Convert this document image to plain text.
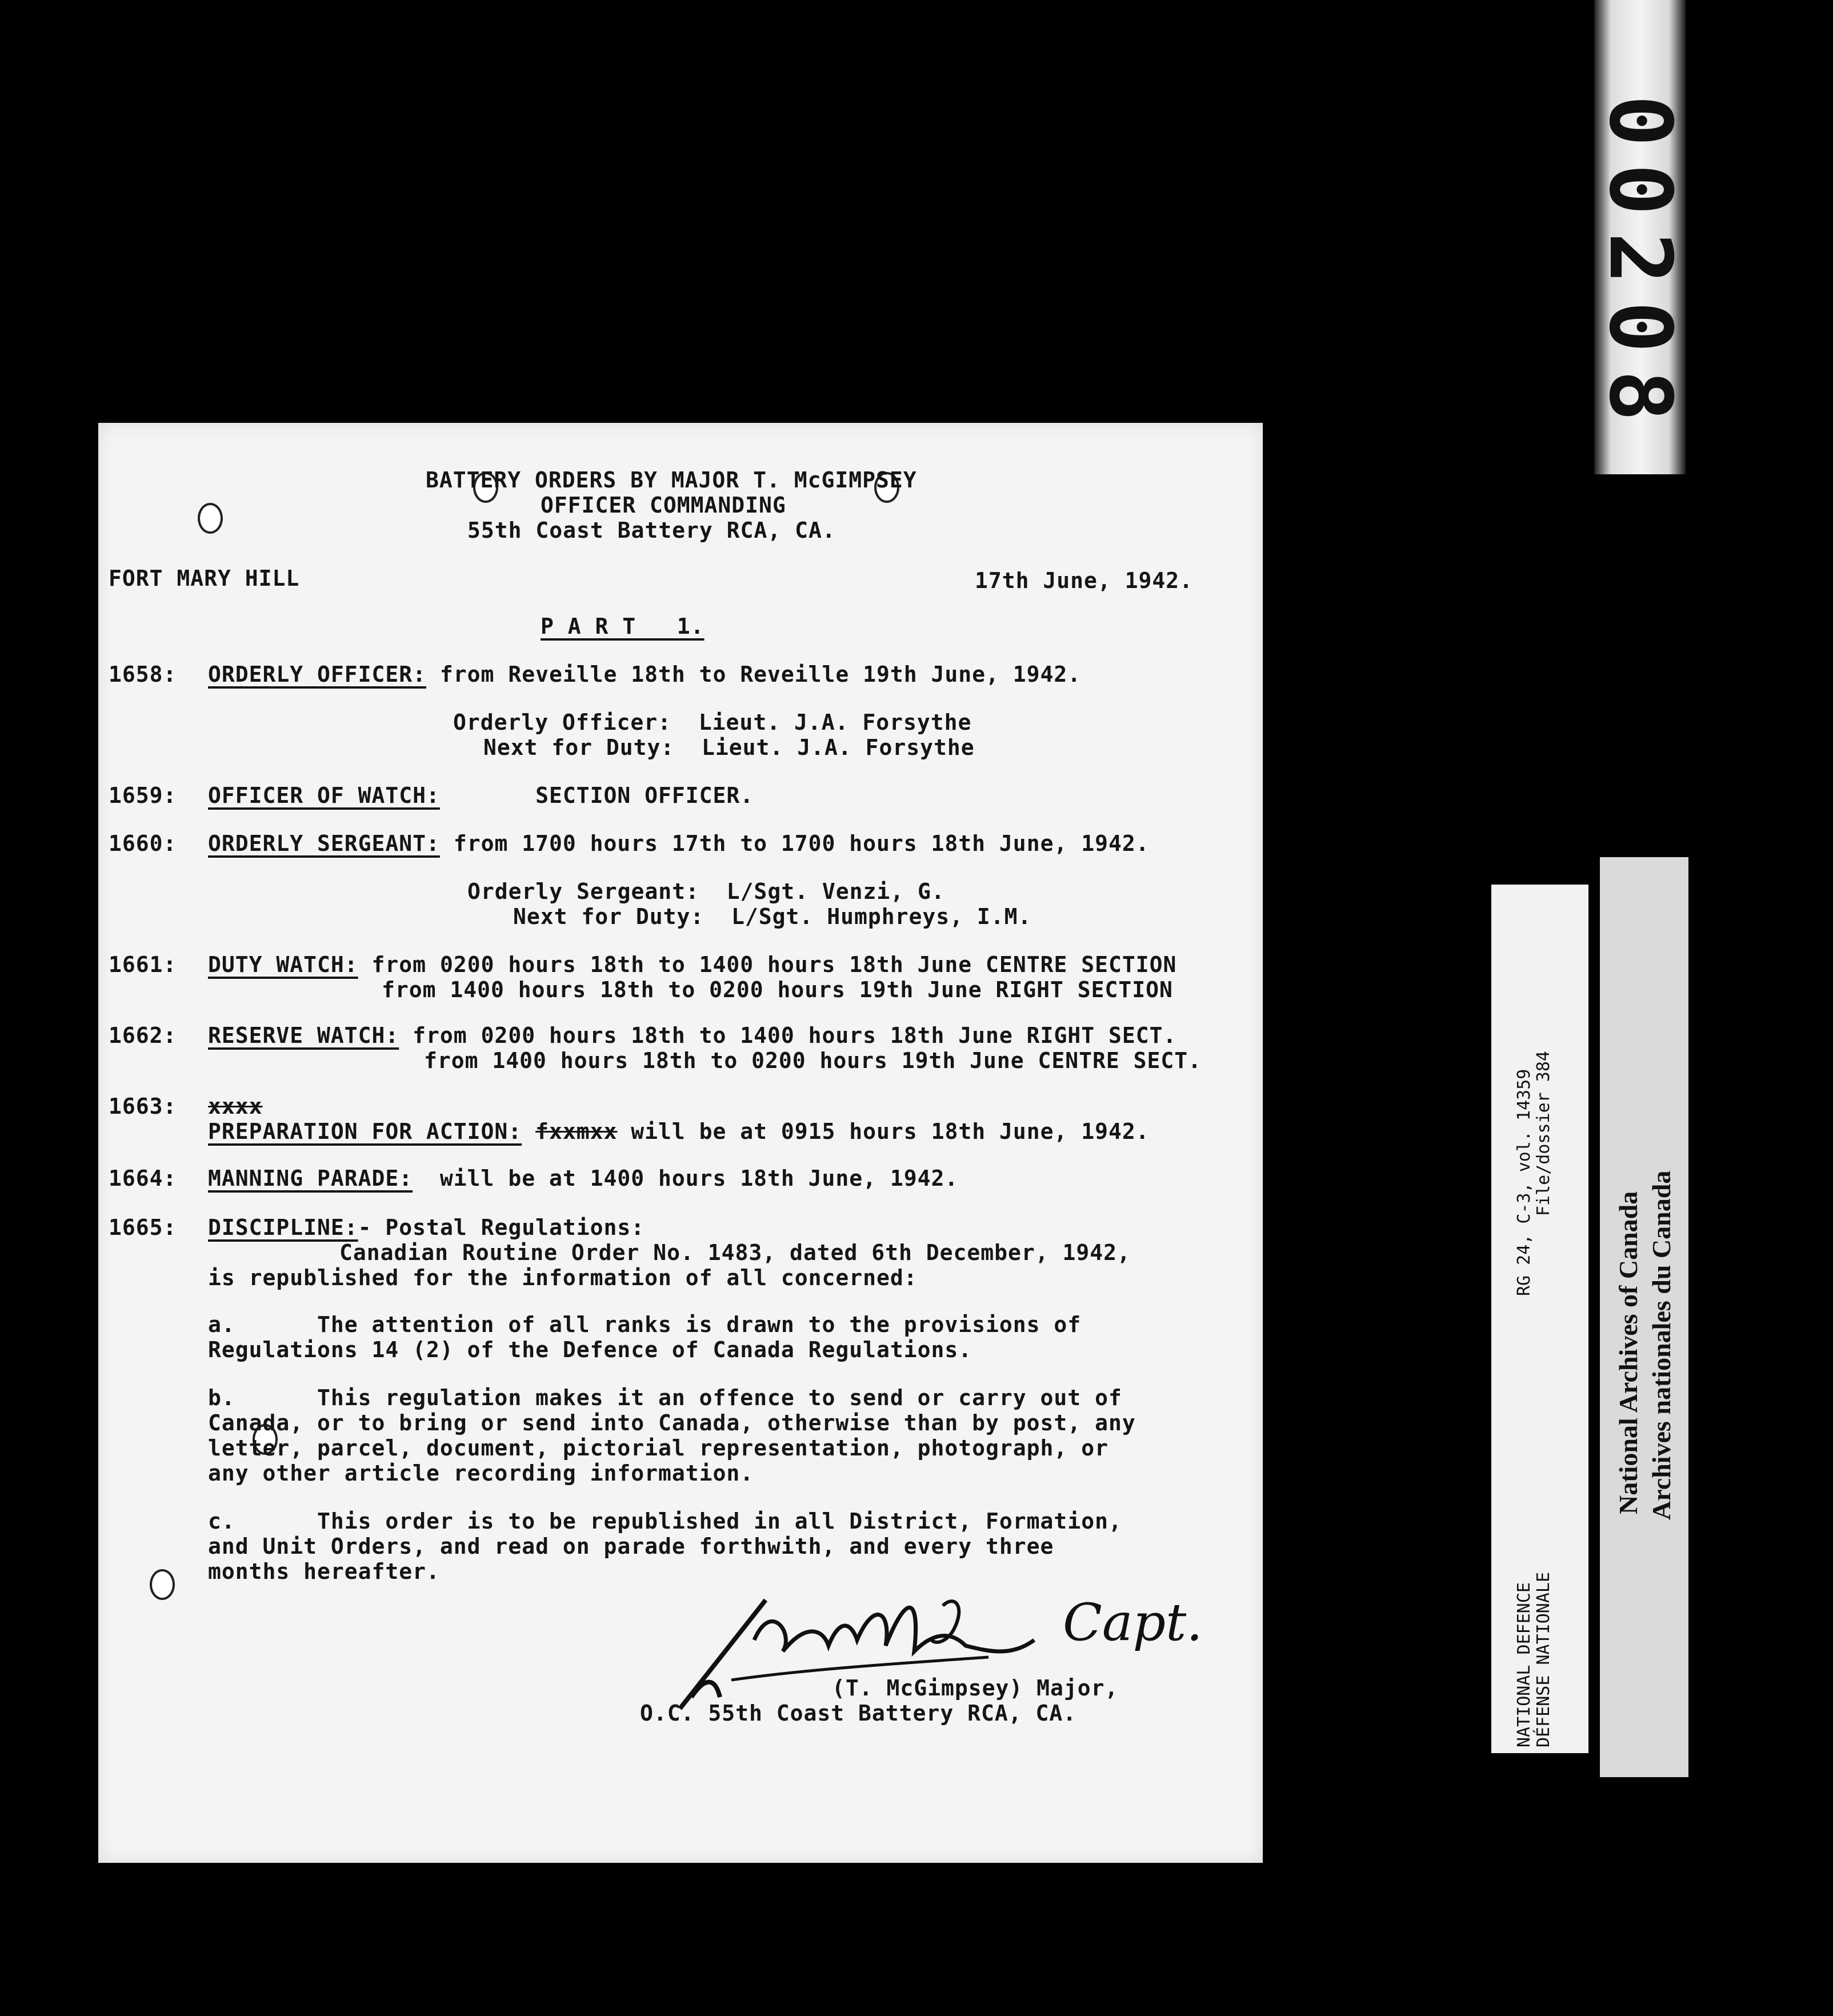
00208
BATTERY ORDERS BY MAJOR T. McGIMPSEY
OFFICER COMMANDING
55th Coast Battery RCA, CA.
FORT MARY HILL	17th June, 1942.
P A R T   1.
1658: ORDERLY OFFICER: from Reveille 18th to Reveille 19th June, 1942.
Orderly Officer:  Lieut. J.A. Forsythe
Next for Duty:  Lieut. J.A. Forsythe
1659: OFFICER OF WATCH:       SECTION OFFICER.
1660: ORDERLY SERGEANT: from 1700 hours 17th to 1700 hours 18th June, 1942.
Orderly Sergeant:  L/Sgt. Venzi, G.
Next for Duty:  L/Sgt. Humphreys, I.M.
1661: DUTY WATCH: from 0200 hours 18th to 1400 hours 18th June CENTRE SECTION
from 1400 hours 18th to 0200 hours 19th June RIGHT SECTION
1662: RESERVE WATCH: from 0200 hours 18th to 1400 hours 18th June RIGHT SECT.
from 1400 hours 18th to 0200 hours 19th June CENTRE SECT.
1663: xxxx
PREPARATION FOR ACTION: fxxmxx will be at 0915 hours 18th June, 1942.
1664: MANNING PARADE:  will be at 1400 hours 18th June, 1942.
1665: DISCIPLINE:- Postal Regulations:
Canadian Routine Order No. 1483, dated 6th December, 1942,
is republished for the information of all concerned:
a.      The attention of all ranks is drawn to the provisions of
Regulations 14 (2) of the Defence of Canada Regulations.
b.      This regulation makes it an offence to send or carry out of
Canada, or to bring or send into Canada, otherwise than by post, any
letter, parcel, document, pictorial representation, photograph, or
any other article recording information.
c.      This order is to be republished in all District, Formation,
and Unit Orders, and read on parade forthwith, and every three
months hereafter.
Capt.
(T. McGimpsey) Major,
O.C. 55th Coast Battery RCA, CA.
RG 24, C-3, vol. 14359 File/dossier 384
NATIONAL DEFENCE DÉFENSE NATIONALE
National Archives of Canada Archives nationales du Canada
